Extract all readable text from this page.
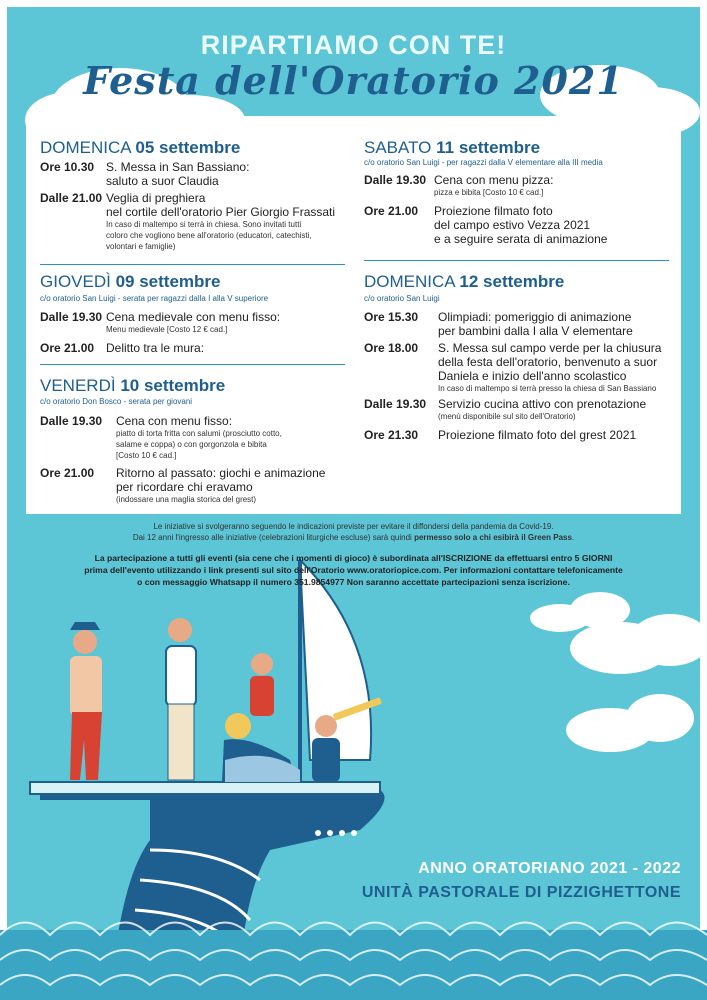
RIPARTIAMO CON TE!
Festa dell'Oratorio 2021
DOMENICA 05 settembre
Ore 10.30 S. Messa in San Bassiano:
saluto a suor Claudia
Dalle 21.00 Veglia di preghiera
nel cortile dell'oratorio Pier Giorgio Frassati
In caso di maltempo si terrà in chiesa. Sono invitati tutti
coloro che vogliono bene all'oratorio (educatori, catechisti,
volontari e famiglie)
GIOVEDÌ 09 settembre
c/o oratorio San Luigi - serata per ragazzi dalla I alla V superiore
Dalle 19.30 Cena medievale con menu fisso:
Menu medievale [Costo 12 € cad.]
Ore 21.00 Delitto tra le mura:
VENERDÌ 10 settembre
c/o oratorio Don Bosco - serata per giovani
Dalle 19.30	Cena con menu fisso:
piatto di torta fritta con salumi (prosciutto cotto,
salame e coppa) o con gorgonzola e bibita
[Costo 10 € cad.]
Ore 21.00	Ritorno al passato: giochi e animazione
per ricordare chi eravamo
(indossare una maglia storica del grest)
SABATO 11 settembre
c/o oratorio San Luigi - per ragazzi dalla V elementare alla III media
Dalle 19.30 Cena con menu pizza:
pizza e bibita [Costo 10 € cad.]
Ore 21.00	Proiezione filmato foto
del campo estivo Vezza 2021
e a seguire serata di animazione
DOMENICA 12 settembre
c/o oratorio San Luigi
Ore 15.30	Olimpiadi: pomeriggio di animazione
per bambini dalla I alla V elementare
Ore 18.00	S. Messa sul campo verde per la chiusura
della festa dell'oratorio, benvenuto a suor
Daniela e inizio dell'anno scolastico
In caso di maltempo si terrà presso la chiesa di San Bassiano
Dalle 19.30 Servizio cucina attivo con prenotazione
(menù disponibile sul sito dell'Oratorio)
Ore 21.30	Proiezione filmato foto del grest 2021
Le iniziative si svolgeranno seguendo le indicazioni previste per evitare il diffondersi della pandemia da Covid-19.
Dai 12 anni l'ingresso alle iniziative (celebrazioni liturgiche escluse) sarà quindi permesso solo a chi esibirà il Green Pass.
La partecipazione a tutti gli eventi (sia cene che i momenti di gioco) è subordinata all'ISCRIZIONE da effettuarsi entro 5 GIORNI
prima dell'evento utilizzando i link presenti sul sito dell'Oratorio www.oratoriopice.com. Per informazioni contattare telefonicamente
o con messaggio Whatsapp il numero 351.9854977 Non saranno accettate partecipazioni senza iscrizione.
ANNO ORATORIANO 2021 - 2022
UNITÀ PASTORALE DI PIZZIGHETTONE
